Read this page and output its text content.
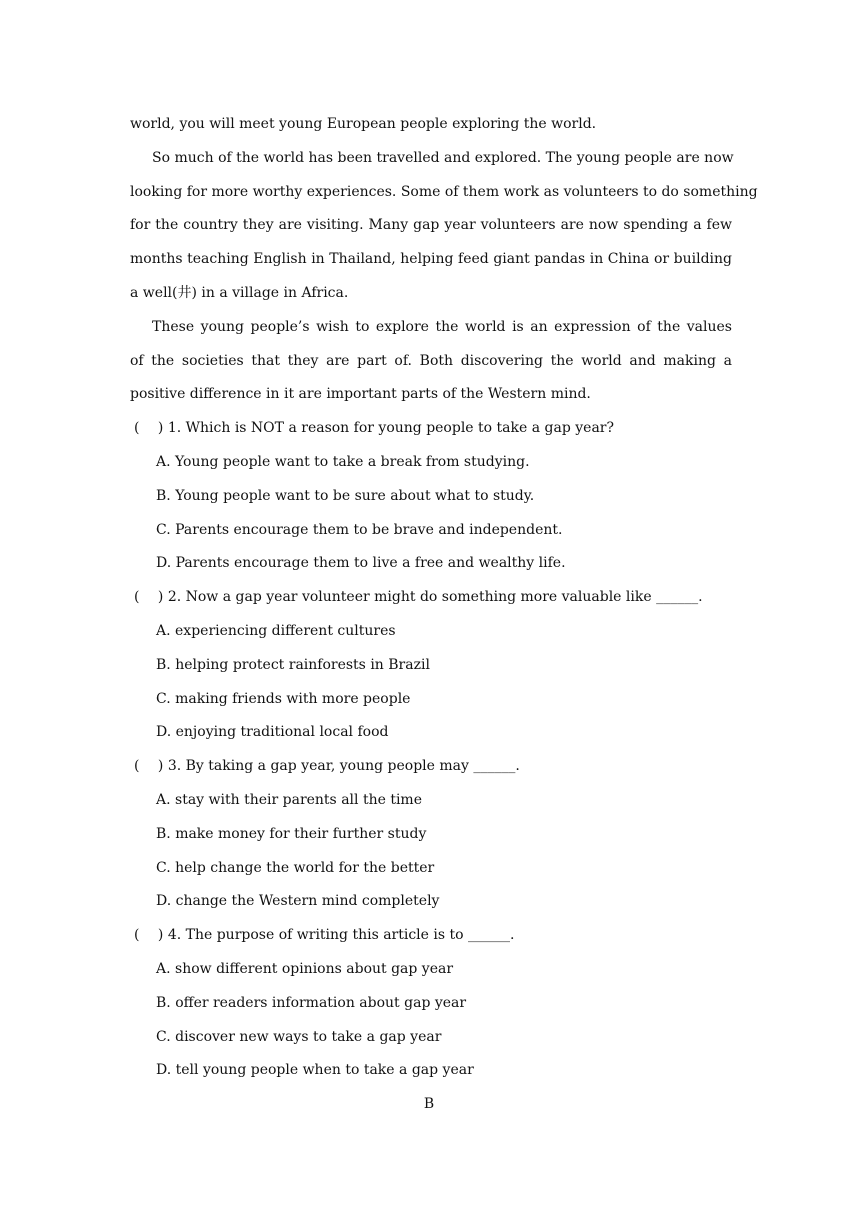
world, you will meet young European people exploring the world.
So much of the world has been travelled and explored. The young people are now
looking for more worthy experiences. Some of them work as volunteers to do something
for the country they are visiting. Many gap year volunteers are now spending a few
months teaching English in Thailand, helping feed giant pandas in China or building
a well(井) in a village in Africa.
These young people’s wish to explore the world is an expression of the values
of the societies that they are part of. Both discovering the world and making a
positive difference in it are important parts of the Western mind.
(　 ) 1. Which is NOT a reason for young people to take a gap year?
A. Young people want to take a break from studying.
B. Young people want to be sure about what to study.
C. Parents encourage them to be brave and independent.
D. Parents encourage them to live a free and wealthy life.
(　 ) 2. Now a gap year volunteer might do something more valuable like ______.
A. experiencing different cultures
B. helping protect rainforests in Brazil
C. making friends with more people
D. enjoying traditional local food
(　 ) 3. By taking a gap year, young people may ______.
A. stay with their parents all the time
B. make money for their further study
C. help change the world for the better
D. change the Western mind completely
(　 ) 4. The purpose of writing this article is to ______.
A. show different opinions about gap year
B. offer readers information about gap year
C. discover new ways to take a gap year
D. tell young people when to take a gap year
B
